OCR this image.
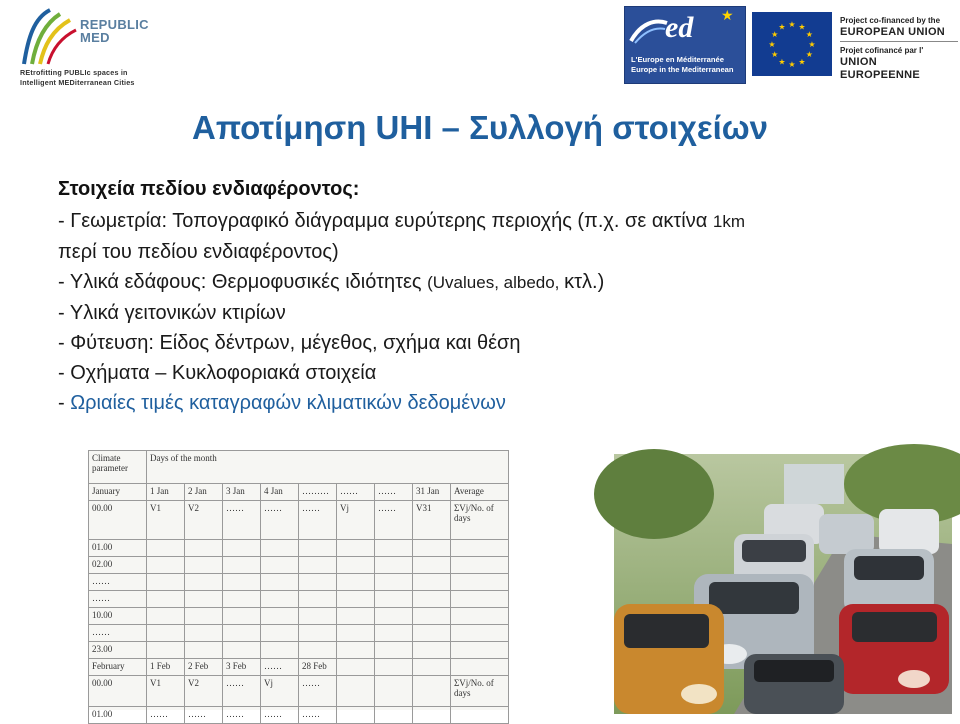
REPUBLIC
MED
REtrofitting PUBLIc spaces in
Intelligent MEDiterranean Cities
ed ★
L'Europe en Méditerranée
Europe in the Mediterranean
★ ★
★
★
★
★
★
★
★
★
★
★
Project co-financed by the
EUROPEAN UNION
Projet cofinancé par l'
UNION EUROPEENNE
Αποτίμηση UHI – Συλλογή στοιχείων

Στοιχεία πεδίου ενδιαφέροντος:

- Γεωμετρία: Τοπογραφικό διάγραμμα ευρύτερης περιοχής (π.χ. σε ακτίνα 1km

περί του πεδίου ενδιαφέροντος)

- Υλικά εδάφους: Θερμοφυσικές ιδιότητες (Uvalues, albedo, κτλ.)

- Υλικά γειτονικών κτιρίων

- Φύτευση: Είδος δέντρων, μέγεθος, σχήμα και θέση

- Οχήματα – Κυκλοφοριακά στοιχεία

- Ωριαίες τιμές καταγραφών κλιματικών δεδομένων

Climate parameter	Days of the month								
January	1 Jan	2 Jan	3 Jan	4 Jan	………	……	……	31 Jan	Average
00.00	V1	V2	……	……	……	Vj	……	V31	ΣVj/No. of days
01.00									
02.00									
……									
……									
10.00									
……									
23.00									
February	1 Feb	2 Feb	3 Feb	……	28 Feb				
00.00	V1	V2	……	Vj	……				ΣVj/No. of days
01.00	……	……	……	……	……				
